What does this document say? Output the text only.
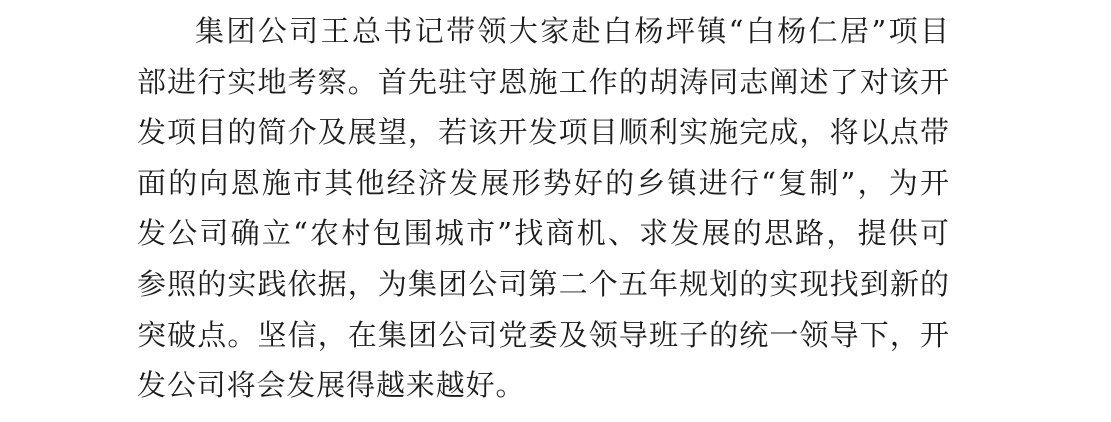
集团公司王总书记带领大家赴白杨坪镇“白杨仁居”项目
部进行实地考察。首先驻守恩施工作的胡涛同志阐述了对该开
发项目的简介及展望，若该开发项目顺利实施完成，将以点带
面的向恩施市其他经济发展形势好的乡镇进行“复制”，为开
发公司确立“农村包围城市”找商机、求发展的思路，提供可
参照的实践依据，为集团公司第二个五年规划的实现找到新的
突破点。坚信，在集团公司党委及领导班子的统一领导下，开
发公司将会发展得越来越好。
